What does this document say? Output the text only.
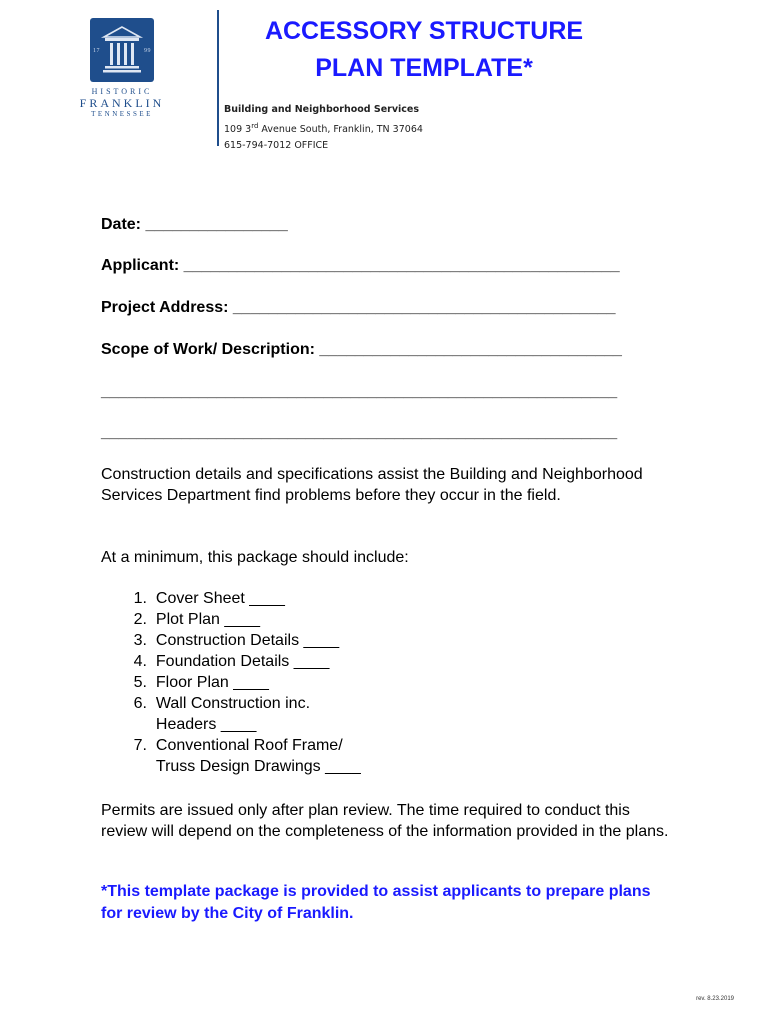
17	99
HISTORIC
FRANKLIN
TENNESSEE
ACCESSORY STRUCTURE
PLAN TEMPLATE*
Building and Neighborhood Services
109 3rd Avenue South, Franklin, TN 37064
615-794-7012 OFFICE
Date: ________________
Applicant: _________________________________________________
Project Address: ___________________________________________
Scope of Work/ Description: __________________________________
__________________________________________________________
__________________________________________________________
Construction details and specifications assist the Building and Neighborhood Services Department find problems before they occur in the field.
At a minimum, this package should include:
1.
Cover Sheet ____
2.
Plot Plan ____
3.
Construction Details ____
4.
Foundation Details ____
5.
Floor Plan ____
6.
Wall Construction inc.
Headers ____
7.
Conventional Roof Frame/
Truss Design Drawings ____
Permits are issued only after plan review. The time required to conduct this review will depend on the completeness of the information provided in the plans.
*This template package is provided to assist applicants to prepare plans for review by the City of Franklin.
rev. 8.23.2019
